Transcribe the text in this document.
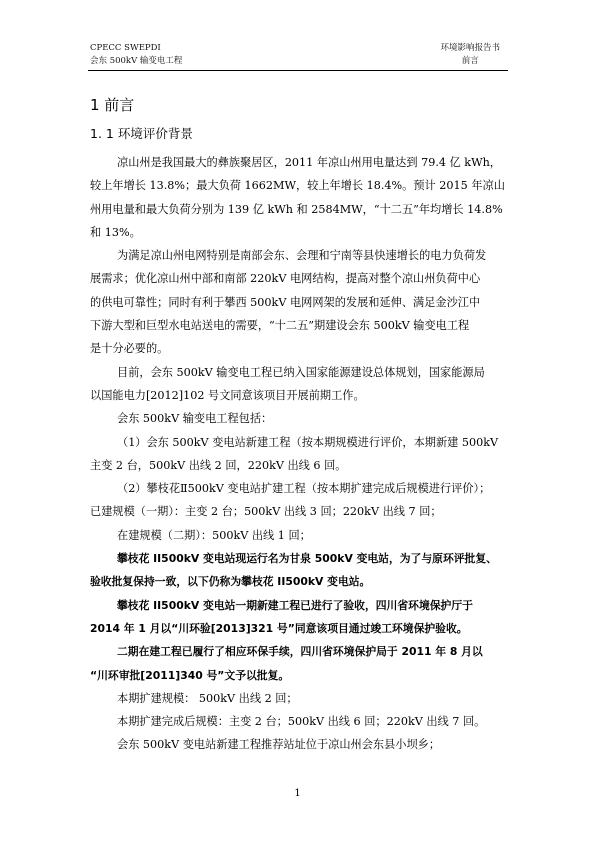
CPECC SWEPDI
会东 500kV 输变电工程
环境影响报告书
前言
1 前言
1. 1 环境评价背景
凉山州是我国最大的彝族聚居区，2011 年凉山州用电量达到 79.4 亿 kWh，
较上年增长 13.8%；最大负荷 1662MW，较上年增长 18.4%。预计 2015 年凉山
州用电量和最大负荷分别为 139 亿 kWh 和 2584MW，“十二五”年均增长 14.8%
和 13%。
为满足凉山州电网特别是南部会东、会理和宁南等县快速增长的电力负荷发
展需求；优化凉山州中部和南部 220kV 电网结构，提高对整个凉山州负荷中心
的供电可靠性；同时有利于攀西 500kV 电网网架的发展和延伸、满足金沙江中
下游大型和巨型水电站送电的需要，“十二五”期建设会东 500kV 输变电工程
是十分必要的。
目前，会东 500kV 输变电工程已纳入国家能源建设总体规划，国家能源局
以国能电力[2012]102 号文同意该项目开展前期工作。
会东 500kV 输变电工程包括：
（1）会东 500kV 变电站新建工程（按本期规模进行评价，本期新建 500kV
主变 2 台，500kV 出线 2 回，220kV 出线 6 回。
（2）攀枝花Ⅱ500kV 变电站扩建工程（按本期扩建完成后规模进行评价）；
已建规模（一期）：主变 2 台；500kV 出线 3 回；220kV 出线 7 回；
在建规模（二期）：500kV 出线 1 回；
攀枝花 II500kV 变电站现运行名为甘泉 500kV 变电站，为了与原环评批复、
验收批复保持一致，以下仍称为攀枝花 II500kV 变电站。
攀枝花 II500kV 变电站一期新建工程已进行了验收，四川省环境保护厅于
2014 年 1 月以“川环验[2013]321 号”同意该项目通过竣工环境保护验收。
二期在建工程已履行了相应环保手续，四川省环境保护局于 2011 年 8 月以
“川环审批[2011]340 号”文予以批复。
本期扩建规模： 500kV 出线 2 回；
本期扩建完成后规模：主变 2 台；500kV 出线 6 回；220kV 出线 7 回。
会东 500kV 变电站新建工程推荐站址位于凉山州会东县小坝乡；
1
